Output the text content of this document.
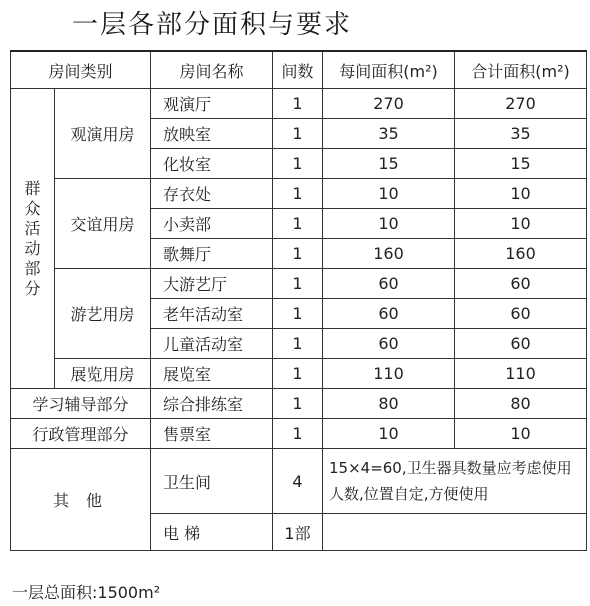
一层各部分面积与要求
房间类别		房间名称	间数	每间面积(m²)	合计面积(m²)

群众活动部分	观演用房	观演厅	1	270	270
		放映室	1	35	35
		化妆室	1	15	15
	交谊用房	存衣处	1	10	10
		小卖部	1	10	10
		歌舞厅	1	160	160
	游艺用房	大游艺厅	1	60	60
		老年活动室	1	60	60
		儿童活动室	1	60	60
	展览用房	展览室	1	110	110
学习辅导部分		综合排练室	1	80	80
行政管理部分		售票室	1	10	10
其 他		卫生间	4	15×4=60,卫生器具数量应考虑使用人数,位置自定,方便使用	
		电 梯	1部		
一层总面积:1500m²
